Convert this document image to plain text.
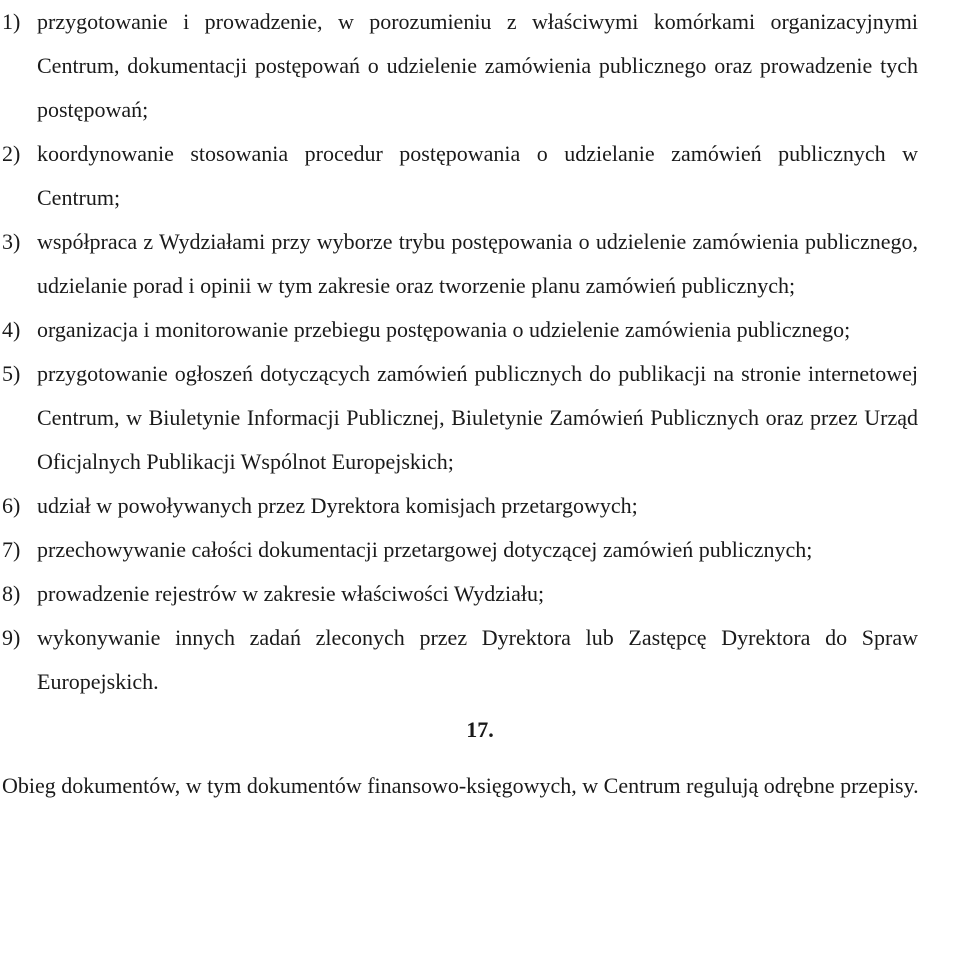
1) przygotowanie i prowadzenie, w porozumieniu z właściwymi komórkami organizacyjnymi Centrum, dokumentacji postępowań o udzielenie zamówienia publicznego oraz prowadzenie tych postępowań;
2) koordynowanie stosowania procedur postępowania o udzielanie zamówień publicznych w Centrum;
3) współpraca z Wydziałami przy wyborze trybu postępowania o udzielenie zamówienia publicznego, udzielanie porad i opinii w tym zakresie oraz tworzenie planu zamówień publicznych;
4) organizacja i monitorowanie przebiegu postępowania o udzielenie zamówienia publicznego;
5) przygotowanie ogłoszeń dotyczących zamówień publicznych do publikacji na stronie internetowej Centrum, w Biuletynie Informacji Publicznej, Biuletynie Zamówień Publicznych oraz przez Urząd Oficjalnych Publikacji Wspólnot Europejskich;
6) udział w powoływanych przez Dyrektora komisjach przetargowych;
7) przechowywanie całości dokumentacji przetargowej dotyczącej zamówień publicznych;
8) prowadzenie rejestrów w zakresie właściwości Wydziału;
9) wykonywanie innych zadań zleconych przez Dyrektora lub Zastępcę Dyrektora do Spraw Europejskich.
17.

Obieg dokumentów, w tym dokumentów finansowo-księgowych, w Centrum regulują odrębne przepisy.
